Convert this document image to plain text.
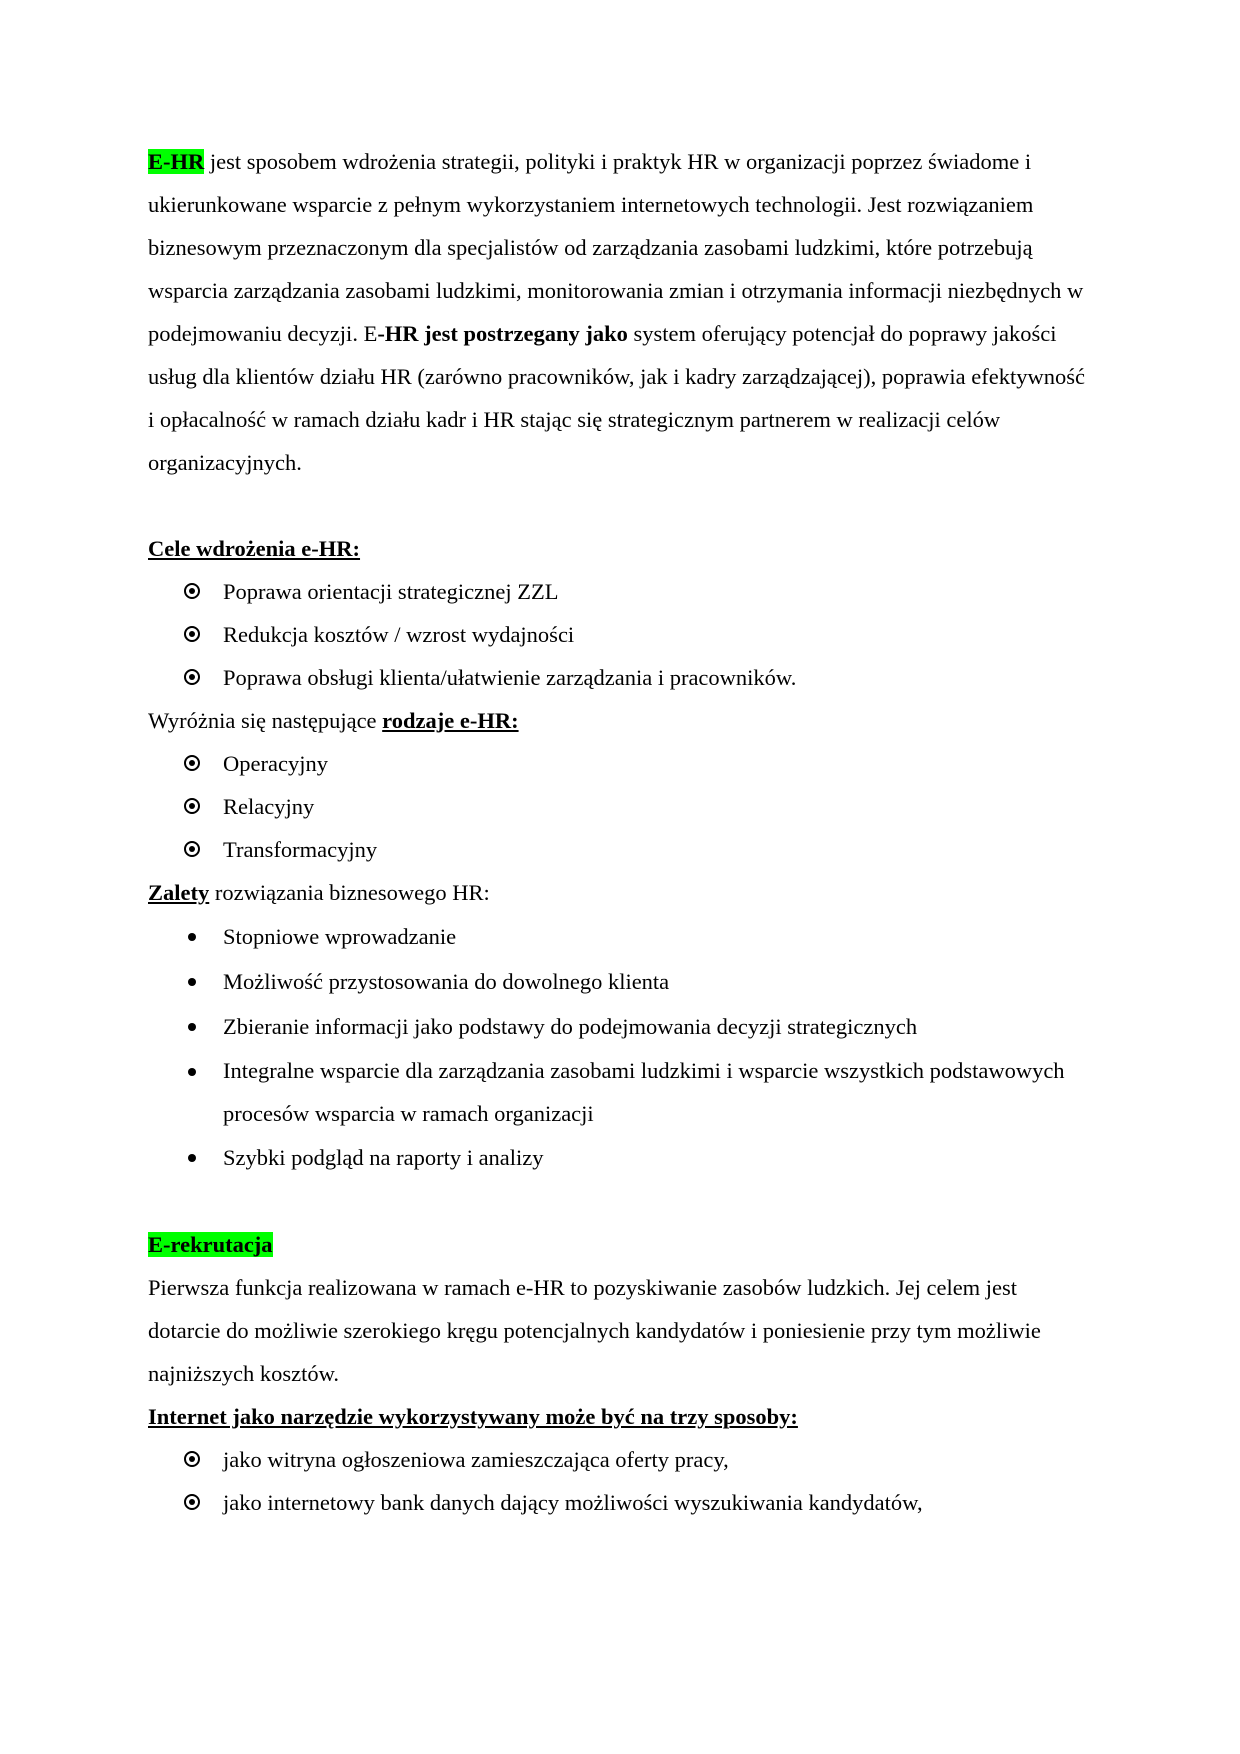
E-HR jest sposobem wdrożenia strategii, polityki i praktyk HR w organizacji poprzez świadome i ukierunkowane wsparcie z pełnym wykorzystaniem internetowych technologii. Jest rozwiązaniem biznesowym przeznaczonym dla specjalistów od zarządzania zasobami ludzkimi, które potrzebują wsparcia zarządzania zasobami ludzkimi, monitorowania zmian i otrzymania informacji niezbędnych w podejmowaniu decyzji. E-HR jest postrzegany jako system oferujący potencjał do poprawy jakości usług dla klientów działu HR (zarówno pracowników, jak i kadry zarządzającej), poprawia efektywność i opłacalność w ramach działu kadr i HR stając się strategicznym partnerem w realizacji celów organizacyjnych.

Cele wdrożenia e-HR:

Poprawa orientacji strategicznej ZZL
Redukcja kosztów / wzrost wydajności
Poprawa obsługi klienta/ułatwienie zarządzania i pracowników.

Wyróżnia się następujące rodzaje e-HR:

Operacyjny
Relacyjny
Transformacyjny

Zalety rozwiązania biznesowego HR:

Stopniowe wprowadzanie
Możliwość przystosowania do dowolnego klienta
Zbieranie informacji jako podstawy do podejmowania decyzji strategicznych
Integralne wsparcie dla zarządzania zasobami ludzkimi i wsparcie wszystkich podstawowych procesów wsparcia w ramach organizacji
Szybki podgląd na raporty i analizy

E-rekrutacja

Pierwsza funkcja realizowana w ramach e-HR to pozyskiwanie zasobów ludzkich. Jej celem jest dotarcie do możliwie szerokiego kręgu potencjalnych kandydatów i poniesienie przy tym możliwie najniższych kosztów.

Internet jako narzędzie wykorzystywany może być na trzy sposoby:

jako witryna ogłoszeniowa zamieszczająca oferty pracy,
jako internetowy bank danych dający możliwości wyszukiwania kandydatów,
